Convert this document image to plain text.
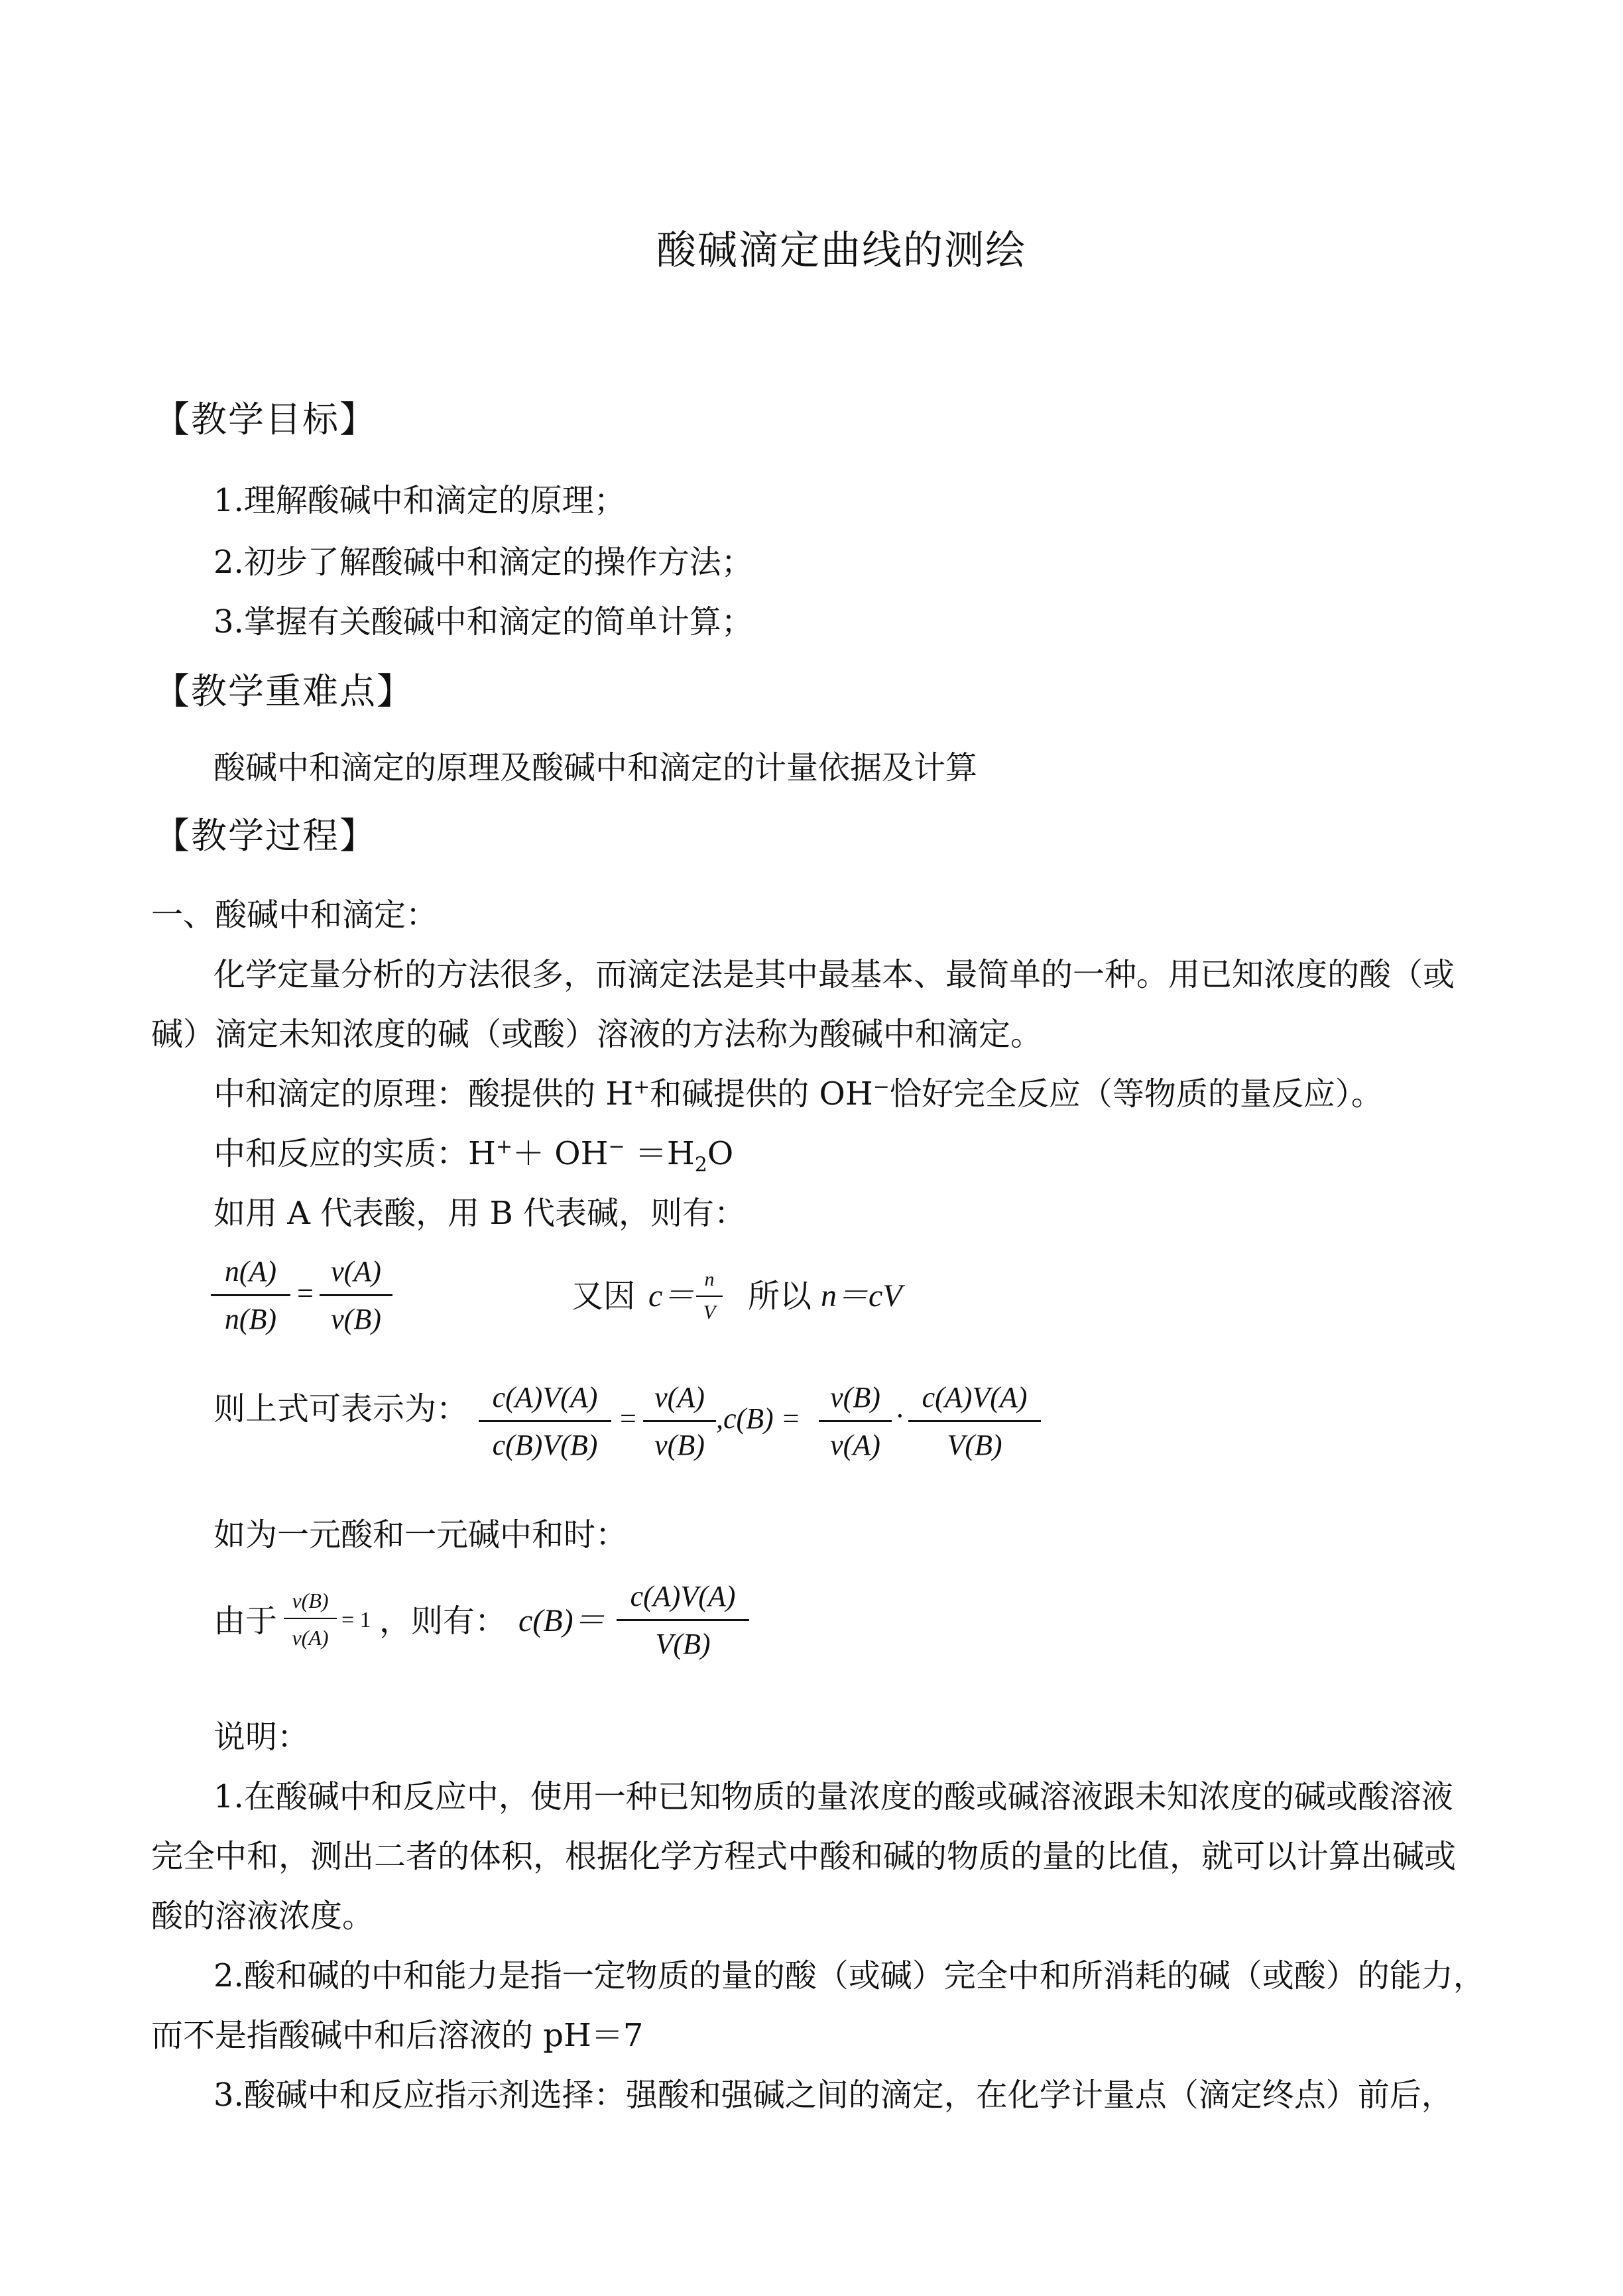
酸碱滴定曲线的测绘
【教学目标】
1.理解酸碱中和滴定的原理；
2.初步了解酸碱中和滴定的操作方法；
3.掌握有关酸碱中和滴定的简单计算；
【教学重难点】
酸碱中和滴定的原理及酸碱中和滴定的计量依据及计算
【教学过程】
一、酸碱中和滴定：
化学定量分析的方法很多，而滴定法是其中最基本、最简单的一种。用已知浓度的酸（或
碱）滴定未知浓度的碱（或酸）溶液的方法称为酸碱中和滴定。
中和滴定的原理：酸提供的 H+和碱提供的 OH−恰好完全反应（等物质的量反应）。
中和反应的实质：$H^++ OH^- =H_2O$
如用 A 代表酸，用 B 代表碱，则有：
n(A)
n(B)
=
v(A)
v(B)
又因 c＝ n
V 所以 n＝cV
则上式可表示为： c(A)V(A)
c(B)V(B)
=
v(A)
v(B)
,c(B) =
v(B)
v(A)
·
c(A)V(A)
V(B)
如为一元酸和一元碱中和时：
由于
v(B)
v(A)
= 1 ，则有： c(B)＝
c(A)V(A)
V(B)
说明：
1.在酸碱中和反应中，使用一种已知物质的量浓度的酸或碱溶液跟未知浓度的碱或酸溶液
完全中和，测出二者的体积，根据化学方程式中酸和碱的物质的量的比值，就可以计算出碱或
酸的溶液浓度。
2.酸和碱的中和能力是指一定物质的量的酸（或碱）完全中和所消耗的碱（或酸）的能力，
而不是指酸碱中和后溶液的 pH＝7
3.酸碱中和反应指示剂选择：强酸和强碱之间的滴定，在化学计量点（滴定终点）前后，
